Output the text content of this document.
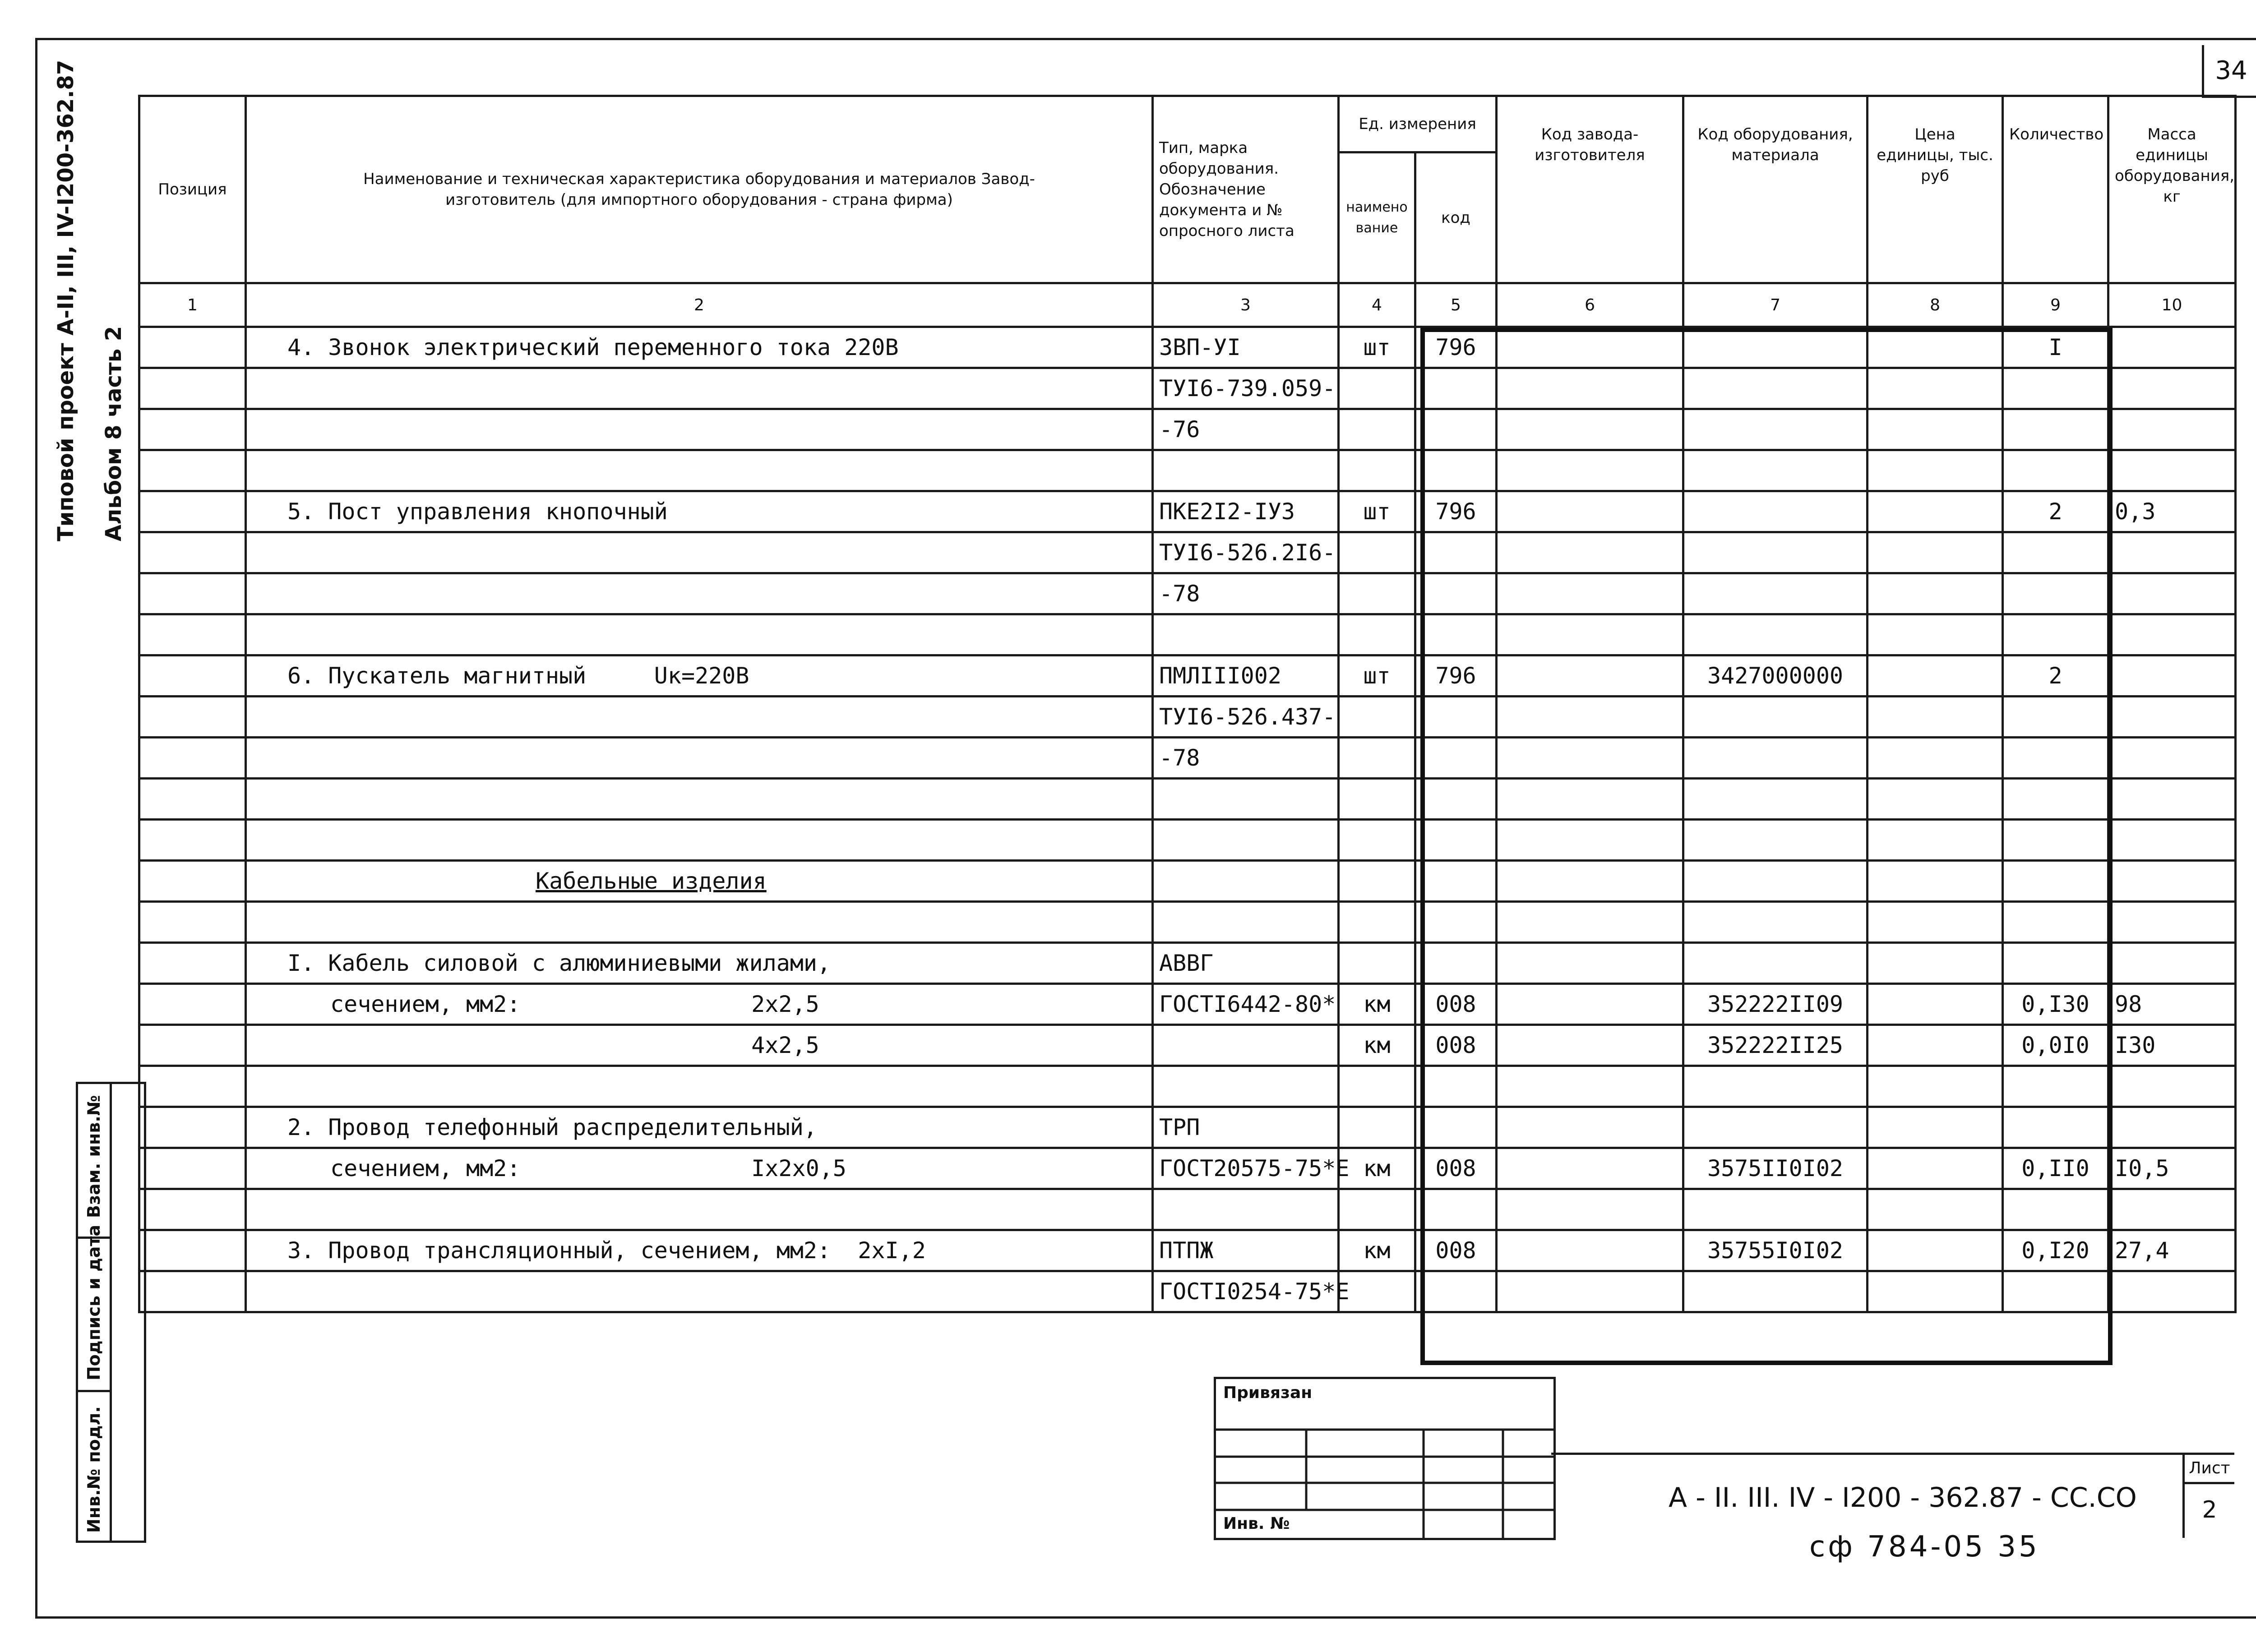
34
Типовой проект А-II, III, IV-I200-362.87 Альбом 8 часть 2
Позиция	Наименование и техническая характеристика оборудования и материалов Завод-изготовитель (для импортного оборудования - страна фирма)	Тип, марка оборудования. Обозначение документа и № опросного листа	Ед. измерения		Код завода-изготовителя	Код оборудования, материала	Цена единицы, тыс. руб	Количество	Масса единицы оборудования, кг
			наименование	код					
1	2	3	4	5	6	7	8	9	10
	4. Звонок электрический переменного тока 220В	ЗВП-УI	шт	796				I	
		ТУI6-739.059-							
		-76							

	5. Пост управления кнопочный	ПКЕ2I2-IУ3	шт	796				2	0,3
		ТУI6-526.2I6-							
		-78							

	6. Пускатель магнитный     Uк=220В	ПМЛIII002	шт	796		3427000000		2	
		ТУI6-526.437-							
		-78							

	Кабельные изделия								

	I. Кабель силовой с алюминиевыми жилами,	АВВГ							
	сечением, мм2:                 2х2,5	ГОСТI6442-80*	км	008		352222II09		0,I30	98
	4х2,5		км	008		352222II25		0,0I0	I30

	2. Провод телефонный распределительный,	ТРП							
	сечением, мм2:                 Iх2х0,5	ГОСТ20575-75*Е	км	008		3575II0I02		0,II0	I0,5

	3. Провод трансляционный, сечением, мм2:  2хI,2	ПТПЖ	км	008		35755I0I02		0,I20	27,4
		ГОСТI0254-75*Е							
Взам. инв.№
Подпись и дата
Инв.№ подл.
Привязан
Инв. №
А - II. III. IV - I200 - 362.87 - СС.СО
Лист
2
сф 784-05 35
